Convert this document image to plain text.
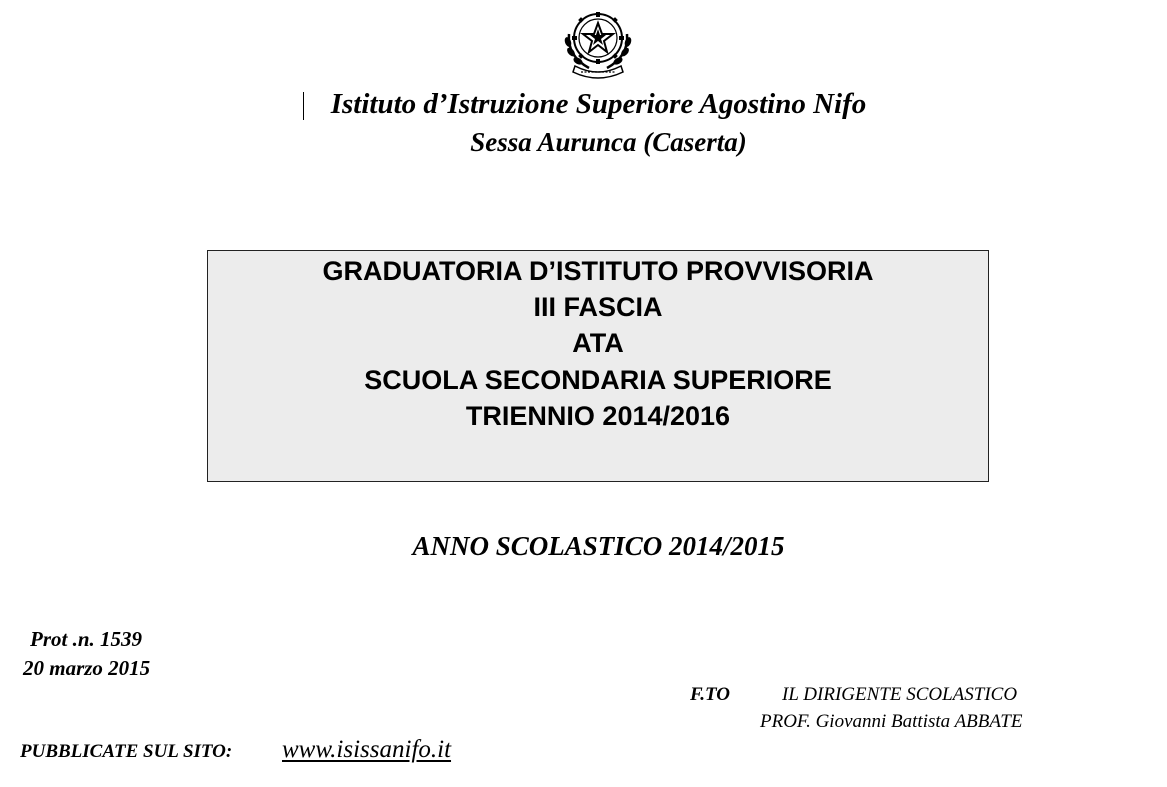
Istituto d’Istruzione Superiore Agostino Nifo
Sessa Aurunca (Caserta)
GRADUATORIA D’ISTITUTO PROVVISORIA
III FASCIA
ATA
SCUOLA SECONDARIA SUPERIORE
TRIENNIO 2014/2016
ANNO SCOLASTICO 2014/2015
Prot .n. 1539
20 marzo 2015
F.TO	IL DIRIGENTE SCOLASTICO
PROF. Giovanni Battista ABBATE
PUBBLICATE SUL SITO: www.isissanifo.it
